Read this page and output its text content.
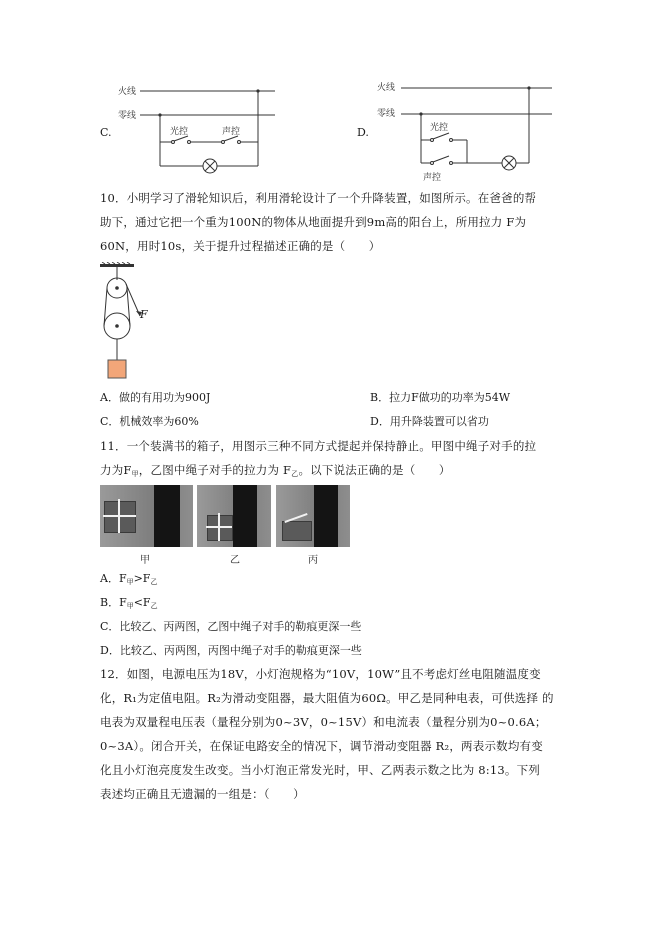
C.
火线
零线
光控	声控	D.
火线
零线
光控
声控
10．小明学习了滑轮知识后，利用滑轮设计了一个升降装置，如图所示。在爸爸的帮
助下，通过它把一个重为100N的物体从地面提升到9m高的阳台上，所用拉力 F为
60N，用时10s，关于提升过程描述正确的是（　　）
F
A．做的有用功为900J	B．拉力F做功的功率为54W
C．机械效率为60%	D．用升降装置可以省功
11．一个装满书的箱子，用图示三种不同方式提起并保持静止。甲图中绳子对手的拉
力为$F_甲$，乙图中绳子对手的拉力为 $F_乙$。以下说法正确的是（　　）
甲	乙	丙
A．$F_甲>F_乙$
B．$F_甲<F_乙$
C．比较乙、丙两图，乙图中绳子对手的勒痕更深一些
D．比较乙、丙两图，丙图中绳子对手的勒痕更深一些
12．如图，电源电压为18V，小灯泡规格为“10V，10W”且不考虑灯丝电阻随温度变
化，R₁为定值电阻。R₂为滑动变阻器，最大阻值为60Ω。甲乙是同种电表，可供选择 的
电表为双量程电压表（量程分别为0~3V，0~15V）和电流表（量程分别为0~0.6A；
0~3A）。闭合开关，在保证电路安全的情况下，调节滑动变阻器 R₂，两表示数均有变
化且小灯泡亮度发生改变。当小灯泡正常发光时，甲、乙两表示数之比为 8:13。下列
表述均正确且无遗漏的一组是：（　　）
